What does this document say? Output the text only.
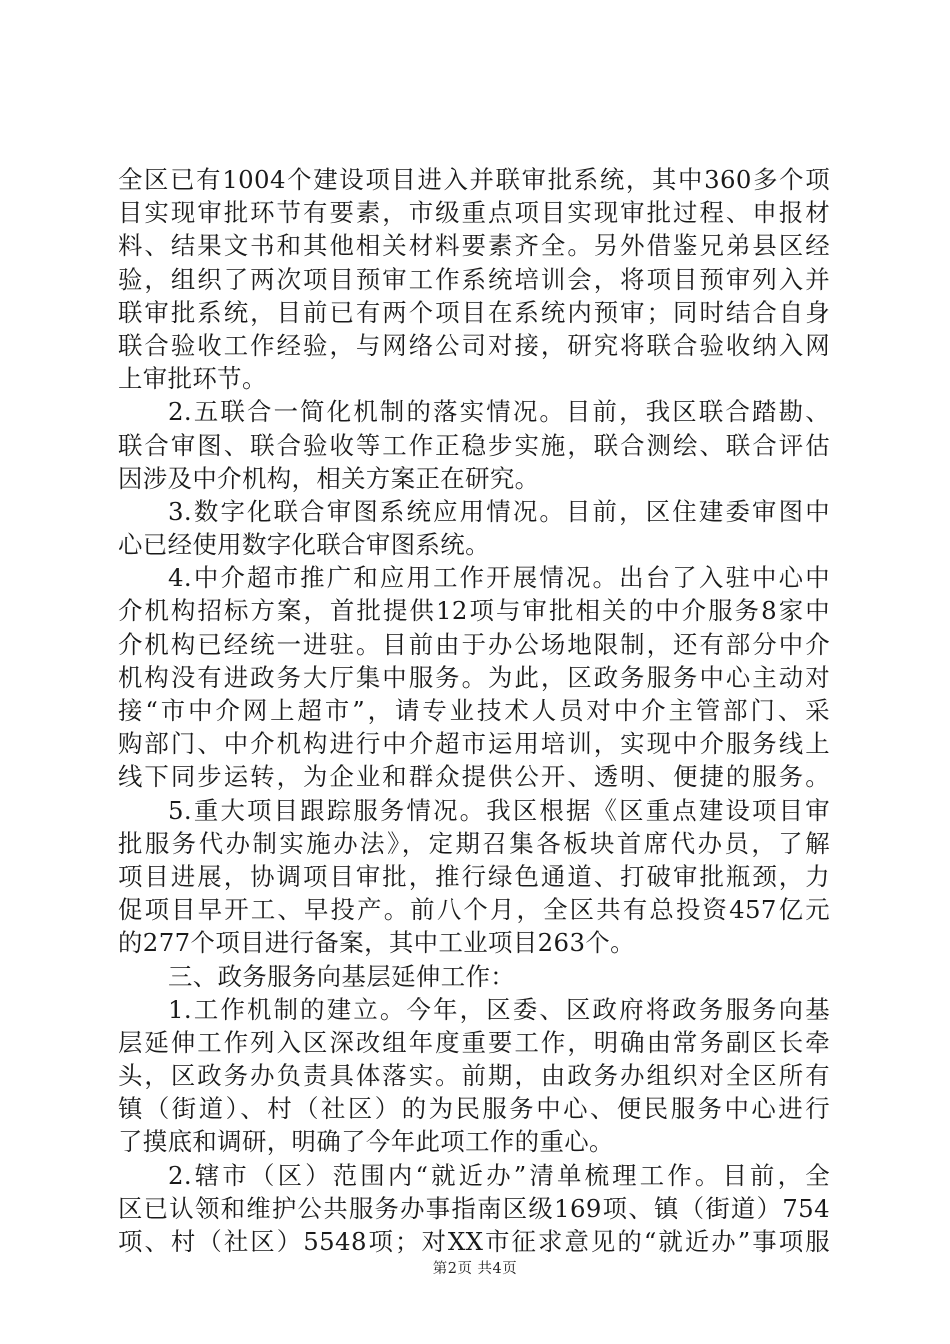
全区已有1004个建设项目进入并联审批系统，其中360多个项
目实现审批环节有要素，市级重点项目实现审批过程、申报材
料、结果文书和其他相关材料要素齐全。另外借鉴兄弟县区经
验，组织了两次项目预审工作系统培训会，将项目预审列入并
联审批系统，目前已有两个项目在系统内预审；同时结合自身
联合验收工作经验，与网络公司对接，研究将联合验收纳入网
上审批环节。
2.五联合一简化机制的落实情况。目前，我区联合踏勘、
联合审图、联合验收等工作正稳步实施，联合测绘、联合评估
因涉及中介机构，相关方案正在研究。
3.数字化联合审图系统应用情况。目前，区住建委审图中
心已经使用数字化联合审图系统。
4.中介超市推广和应用工作开展情况。出台了入驻中心中
介机构招标方案，首批提供12项与审批相关的中介服务8家中
介机构已经统一进驻。目前由于办公场地限制，还有部分中介
机构没有进政务大厅集中服务。为此，区政务服务中心主动对
接“市中介网上超市”，请专业技术人员对中介主管部门、采
购部门、中介机构进行中介超市运用培训，实现中介服务线上
线下同步运转，为企业和群众提供公开、透明、便捷的服务。
5.重大项目跟踪服务情况。我区根据《区重点建设项目审
批服务代办制实施办法》，定期召集各板块首席代办员，了解
项目进展，协调项目审批，推行绿色通道、打破审批瓶颈，力
促项目早开工、早投产。前八个月，全区共有总投资457亿元
的277个项目进行备案，其中工业项目263个。
三、政务服务向基层延伸工作：
1.工作机制的建立。今年，区委、区政府将政务服务向基
层延伸工作列入区深改组年度重要工作，明确由常务副区长牵
头，区政务办负责具体落实。前期，由政务办组织对全区所有
镇（街道）、村（社区）的为民服务中心、便民服务中心进行
了摸底和调研，明确了今年此项工作的重心。
2.辖市（区）范围内“就近办”清单梳理工作。目前，全
区已认领和维护公共服务办事指南区级169项、镇（街道）754
项、村（社区）5548项；对XX市征求意见的“就近办”事项服
第2页 共4页
